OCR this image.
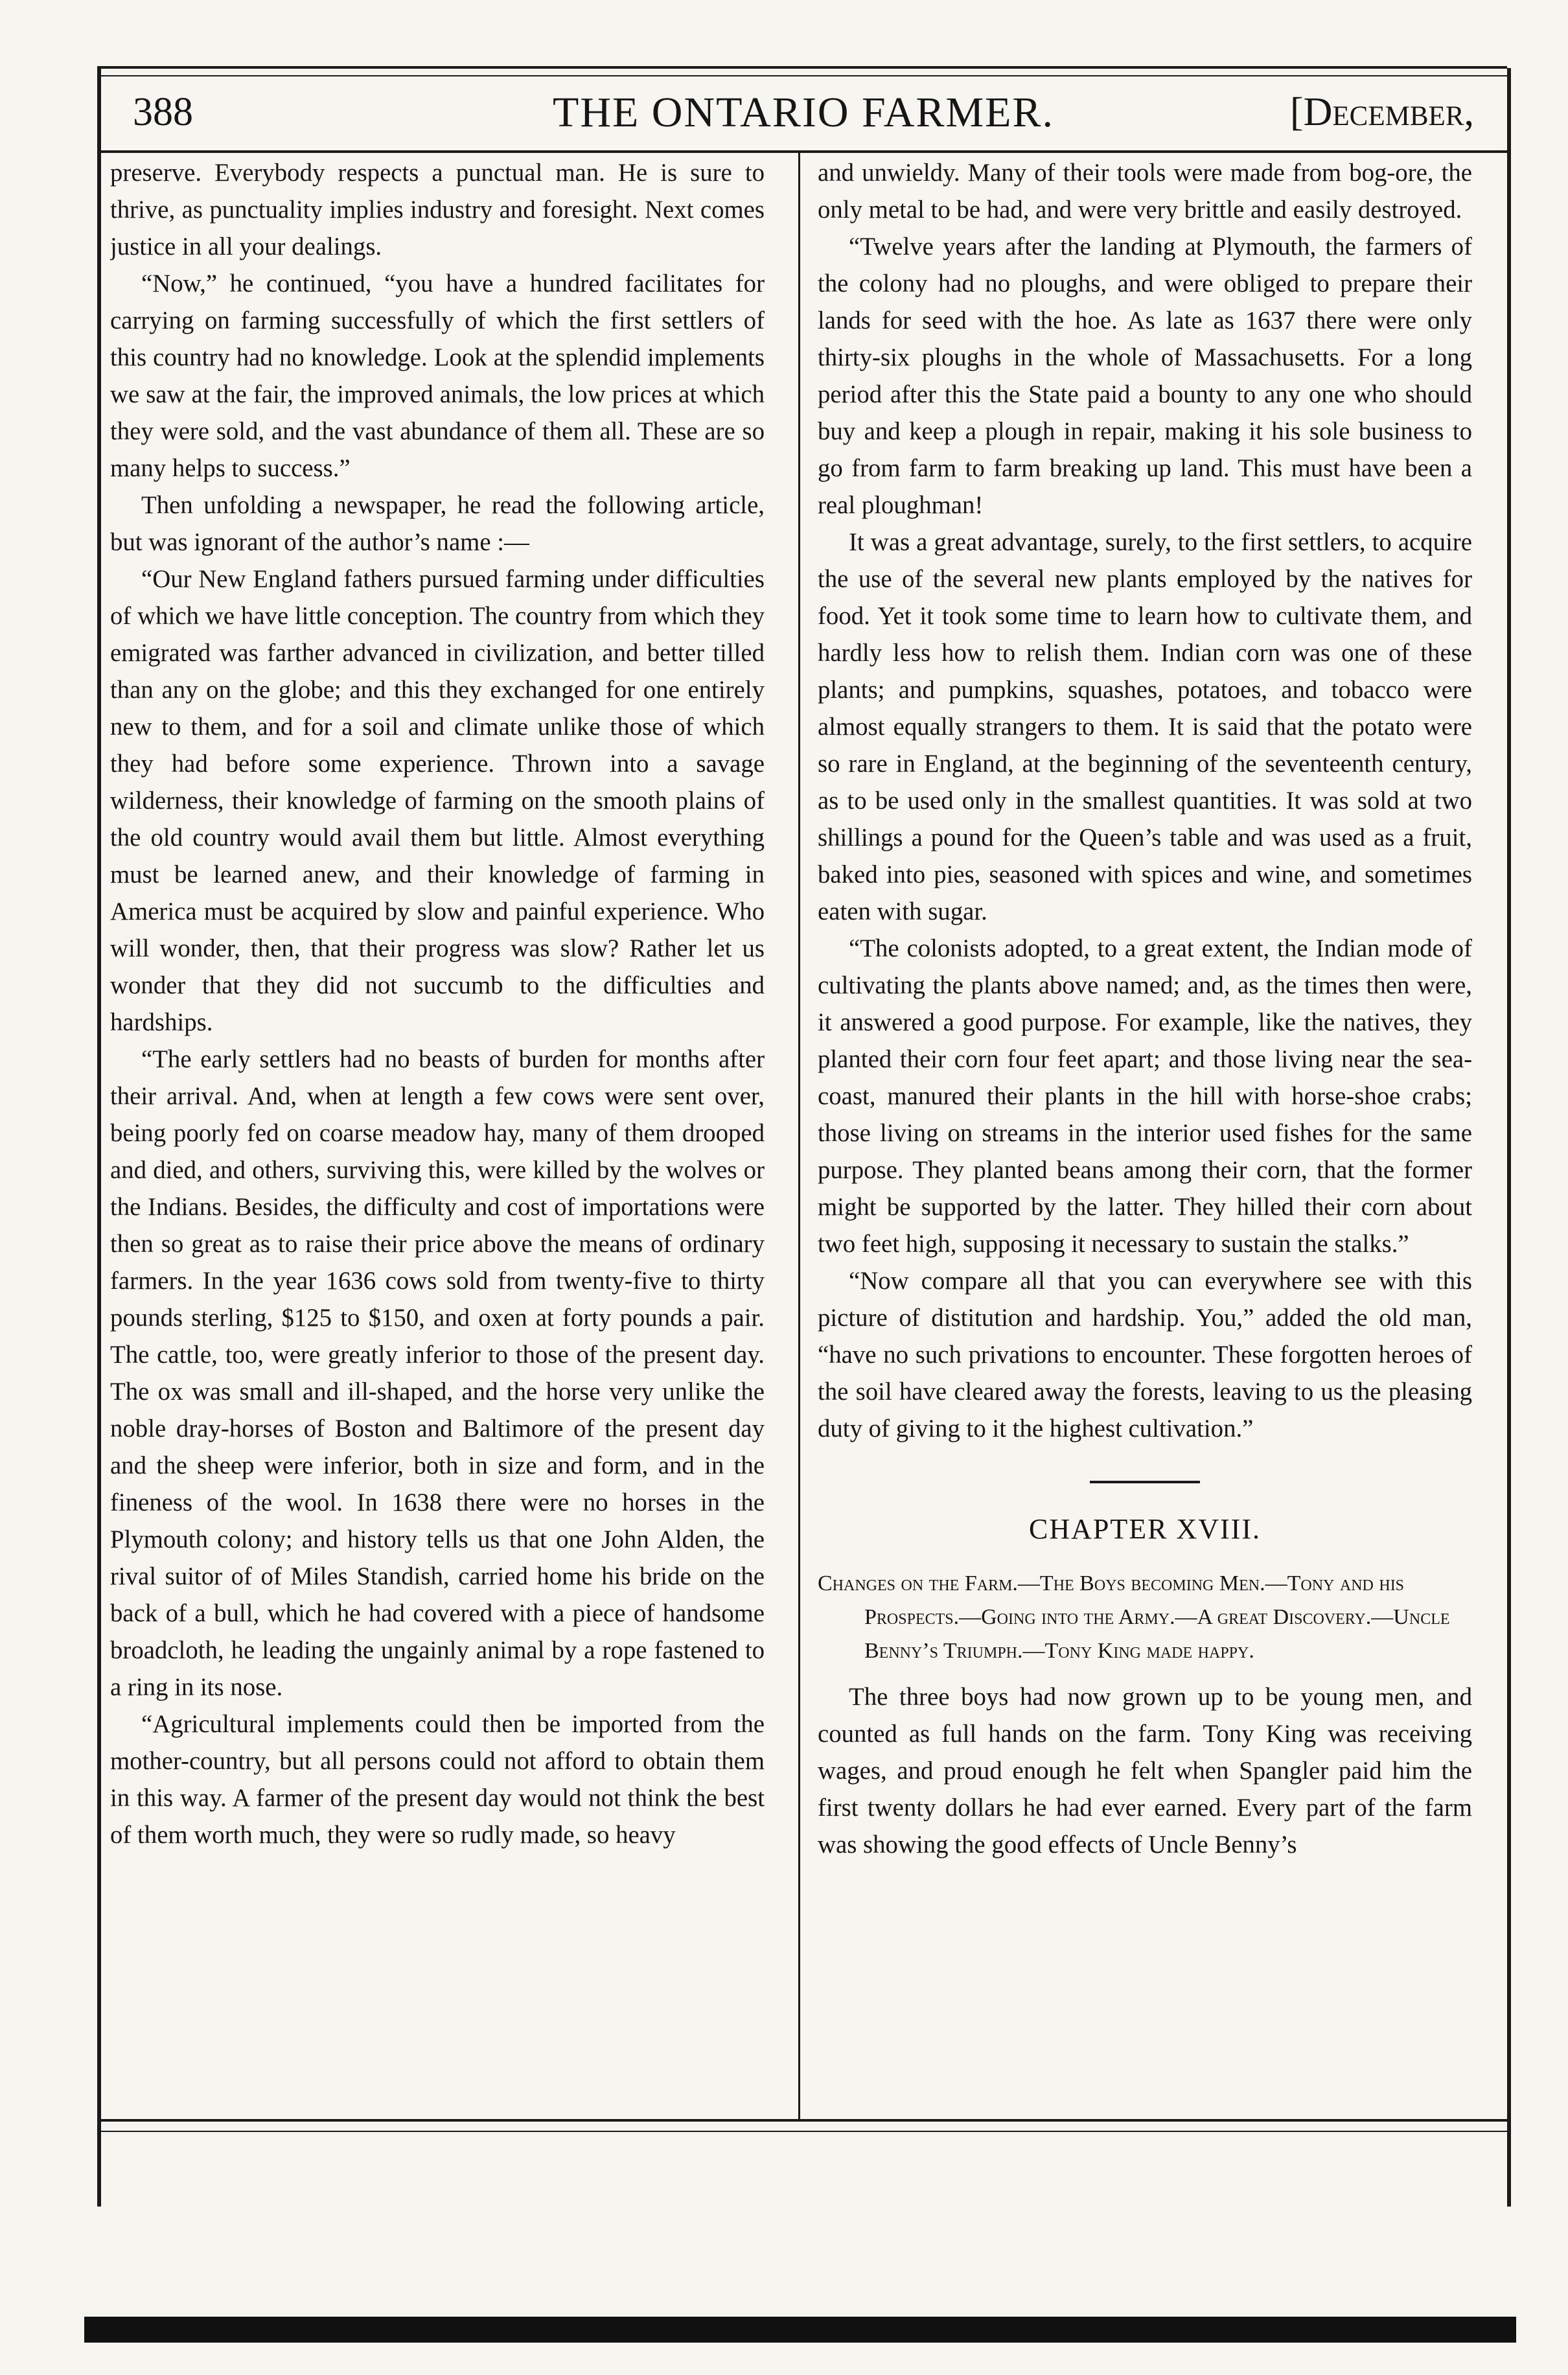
388	THE ONTARIO FARMER.	[December,

preserve. Everybody respects a punctual man. He is sure to thrive, as punctuality implies industry and foresight. Next comes justice in all your dealings.

“Now,” he continued, “you have a hundred facilitates for carrying on farming successfully of which the first settlers of this country had no knowledge. Look at the splendid implements we saw at the fair, the improved animals, the low prices at which they were sold, and the vast abundance of them all. These are so many helps to success.”

Then unfolding a newspaper, he read the following article, but was ignorant of the author’s name :—

“Our New England fathers pursued farming under difficulties of which we have little conception. The country from which they emigrated was farther advanced in civilization, and better tilled than any on the globe; and this they exchanged for one entirely new to them, and for a soil and climate unlike those of which they had before some experience. Thrown into a savage wilderness, their knowledge of farming on the smooth plains of the old country would avail them but little. Almost everything must be learned anew, and their knowledge of farming in America must be acquired by slow and painful experience. Who will wonder, then, that their progress was slow? Rather let us wonder that they did not succumb to the difficulties and hardships.

“The early settlers had no beasts of burden for months after their arrival. And, when at length a few cows were sent over, being poorly fed on coarse meadow hay, many of them drooped and died, and others, surviving this, were killed by the wolves or the Indians. Besides, the difficulty and cost of importations were then so great as to raise their price above the means of ordinary farmers. In the year 1636 cows sold from twenty-five to thirty pounds sterling, $125 to $150, and oxen at forty pounds a pair. The cattle, too, were greatly inferior to those of the present day. The ox was small and ill-shaped, and the horse very unlike the noble dray-horses of Boston and Baltimore of the present day and the sheep were inferior, both in size and form, and in the fineness of the wool. In 1638 there were no horses in the Plymouth colony; and history tells us that one John Alden, the rival suitor of of Miles Standish, carried home his bride on the back of a bull, which he had covered with a piece of handsome broadcloth, he leading the ungainly animal by a rope fastened to a ring in its nose.

“Agricultural implements could then be imported from the mother-country, but all persons could not afford to obtain them in this way. A farmer of the present day would not think the best of them worth much, they were so rudly made, so heavy

and unwieldy. Many of their tools were made from bog-ore, the only metal to be had, and were very brittle and easily destroyed.

“Twelve years after the landing at Plymouth, the farmers of the colony had no ploughs, and were obliged to prepare their lands for seed with the hoe. As late as 1637 there were only thirty-six ploughs in the whole of Massachusetts. For a long period after this the State paid a bounty to any one who should buy and keep a plough in repair, making it his sole business to go from farm to farm breaking up land. This must have been a real ploughman!

It was a great advantage, surely, to the first settlers, to acquire the use of the several new plants employed by the natives for food. Yet it took some time to learn how to cultivate them, and hardly less how to relish them. Indian corn was one of these plants; and pumpkins, squashes, potatoes, and tobacco were almost equally strangers to them. It is said that the potato were so rare in England, at the beginning of the seventeenth century, as to be used only in the smallest quantities. It was sold at two shillings a pound for the Queen’s table and was used as a fruit, baked into pies, seasoned with spices and wine, and sometimes eaten with sugar.

“The colonists adopted, to a great extent, the Indian mode of cultivating the plants above named; and, as the times then were, it answered a good purpose. For example, like the natives, they planted their corn four feet apart; and those living near the sea-coast, manured their plants in the hill with horse-shoe crabs; those living on streams in the interior used fishes for the same purpose. They planted beans among their corn, that the former might be supported by the latter. They hilled their corn about two feet high, supposing it necessary to sustain the stalks.”

“Now compare all that you can everywhere see with this picture of distitution and hardship. You,” added the old man, “have no such privations to encounter. These forgotten heroes of the soil have cleared away the forests, leaving to us the pleasing duty of giving to it the highest cultivation.”

CHAPTER XVIII.
Changes on the Farm.—The Boys becoming Men.—Tony and his Prospects.—Going into the Army.—A great Discovery.—Uncle Benny’s Triumph.—Tony King made happy.

The three boys had now grown up to be young men, and counted as full hands on the farm. Tony King was receiving wages, and proud enough he felt when Spangler paid him the first twenty dollars he had ever earned. Every part of the farm was showing the good effects of Uncle Benny’s
